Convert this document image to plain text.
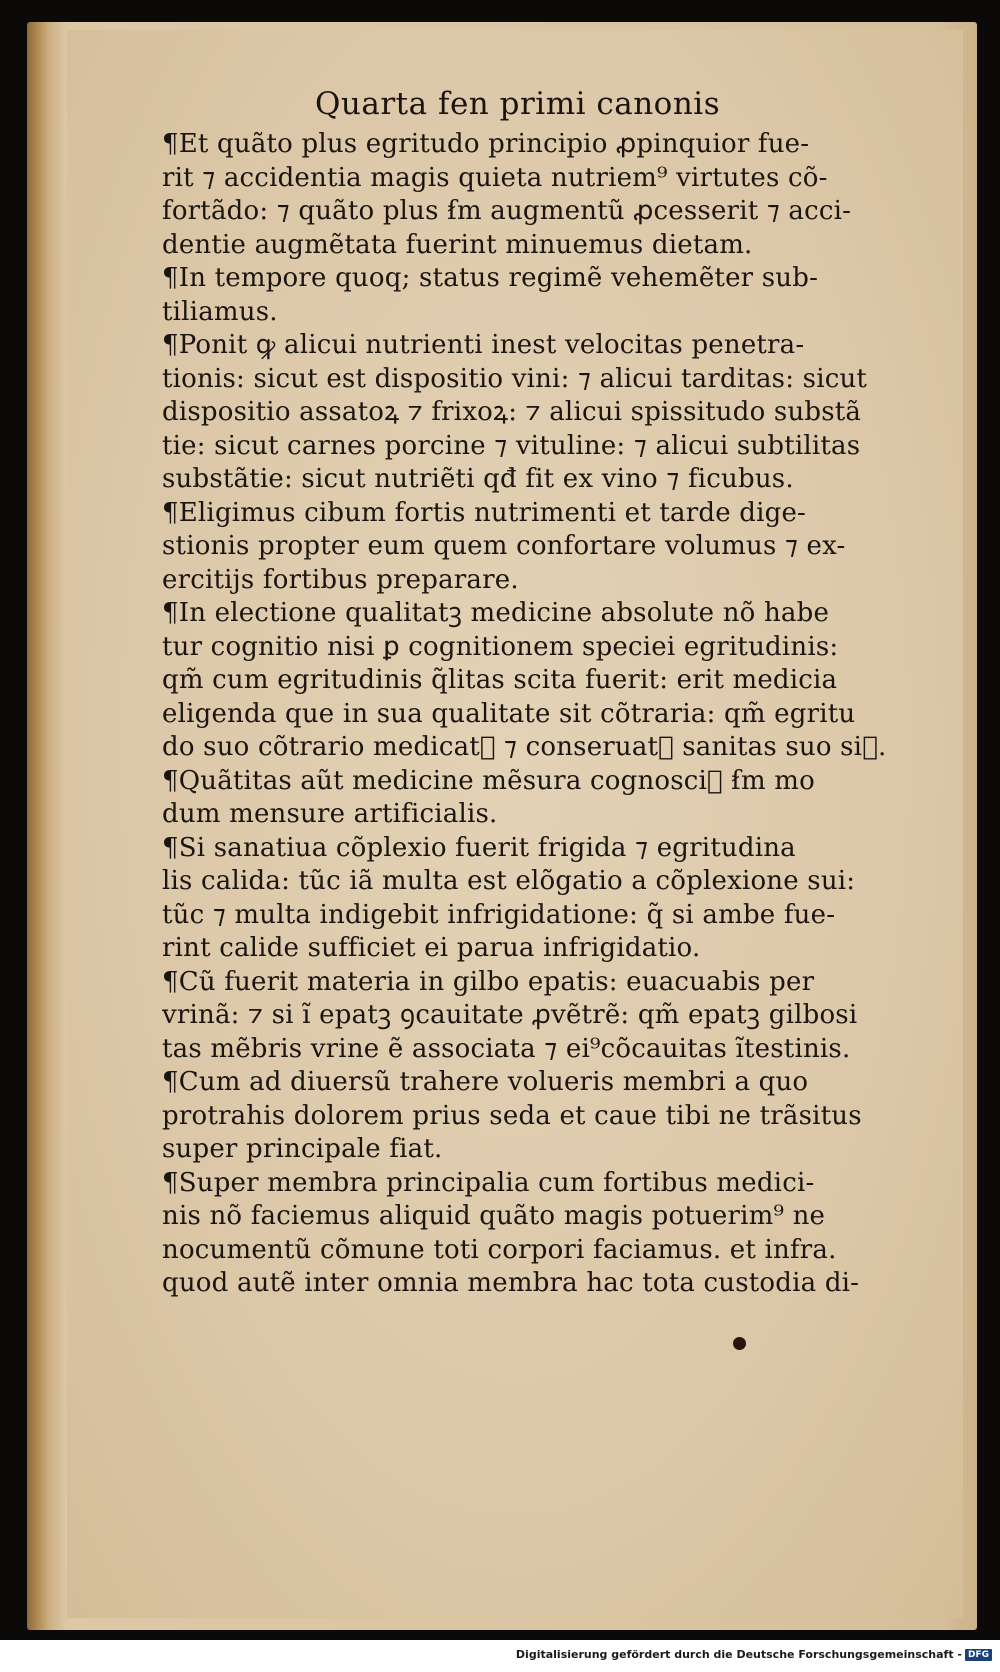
Quarta fen primi canonis
¶Et quãto plus egritudo principio ꝓpinquior fue-
rit ⁊ accidentia magis quieta nutriem⁹ virtutes cõ-
fortãdo: ⁊ quãto plus ẜm augmentũ ꝓcesserit ⁊ acci-
dentie augmẽtata fuerint minuemus dietam.
¶In tempore quoq; status regimẽ vehemẽter sub-
tiliamus.
¶Ponit ꝙ alicui nutrienti inest velocitas penetra-
tionis: sicut est dispositio vini: ⁊ alicui tarditas: sicut
dispositio assatoꝝ ⁊ frixoꝝ: ⁊ alicui spissitudo substã
tie: sicut carnes porcine ⁊ vituline: ⁊ alicui subtilitas
substãtie: sicut nutriẽti qđ fit ex vino ⁊ ficubus.
¶Eligimus cibum fortis nutrimenti et tarde dige-
stionis propter eum quem confortare volumus ⁊ ex-
ercitijs fortibus preparare.
¶In electione qualitatꝫ medicine absolute nõ habe
tur cognitio nisi ꝑ cognitionem speciei egritudinis:
qm̃ cum egritudinis q̃litas scita fuerit: erit medicia
eligenda que in sua qualitate sit cõtraria: qm̃ egritu
do suo cõtrario medicatᷣ ⁊ conseruatᷣ sanitas suo siꝰ.
¶Quãtitas aũt medicine mẽsura cognosciᷣ ẜm mo
dum mensure artificialis.
¶Si sanatiua cõplexio fuerit frigida ⁊ egritudina
lis calida: tũc iã multa est elõgatio a cõplexione sui:
tũc ⁊ multa indigebit infrigidatione: q̃ si ambe fue-
rint calide sufficiet ei parua infrigidatio.
¶Cũ fuerit materia in gilbo epatis: euacuabis per
vrinã: ⁊ si ĩ epatꝫ ꝯcauitate ꝓvẽtrẽ: qm̃ epatꝫ gilbosi
tas mẽbris vrine ẽ associata ⁊ ei⁹cõcauitas ĩtestinis.
¶Cum ad diuersũ trahere volueris membri a quo
protrahis dolorem prius seda et caue tibi ne trãsitus
super principale fiat.
¶Super membra principalia cum fortibus medici-
nis nõ faciemus aliquid quãto magis potuerim⁹ ne
nocumentũ cõmune toti corpori faciamus. et infra.
quod autẽ inter omnia membra hac tota custodia di-
Digitalisierung gefördert durch die Deutsche Forschungsgemeinschaft - DFG
